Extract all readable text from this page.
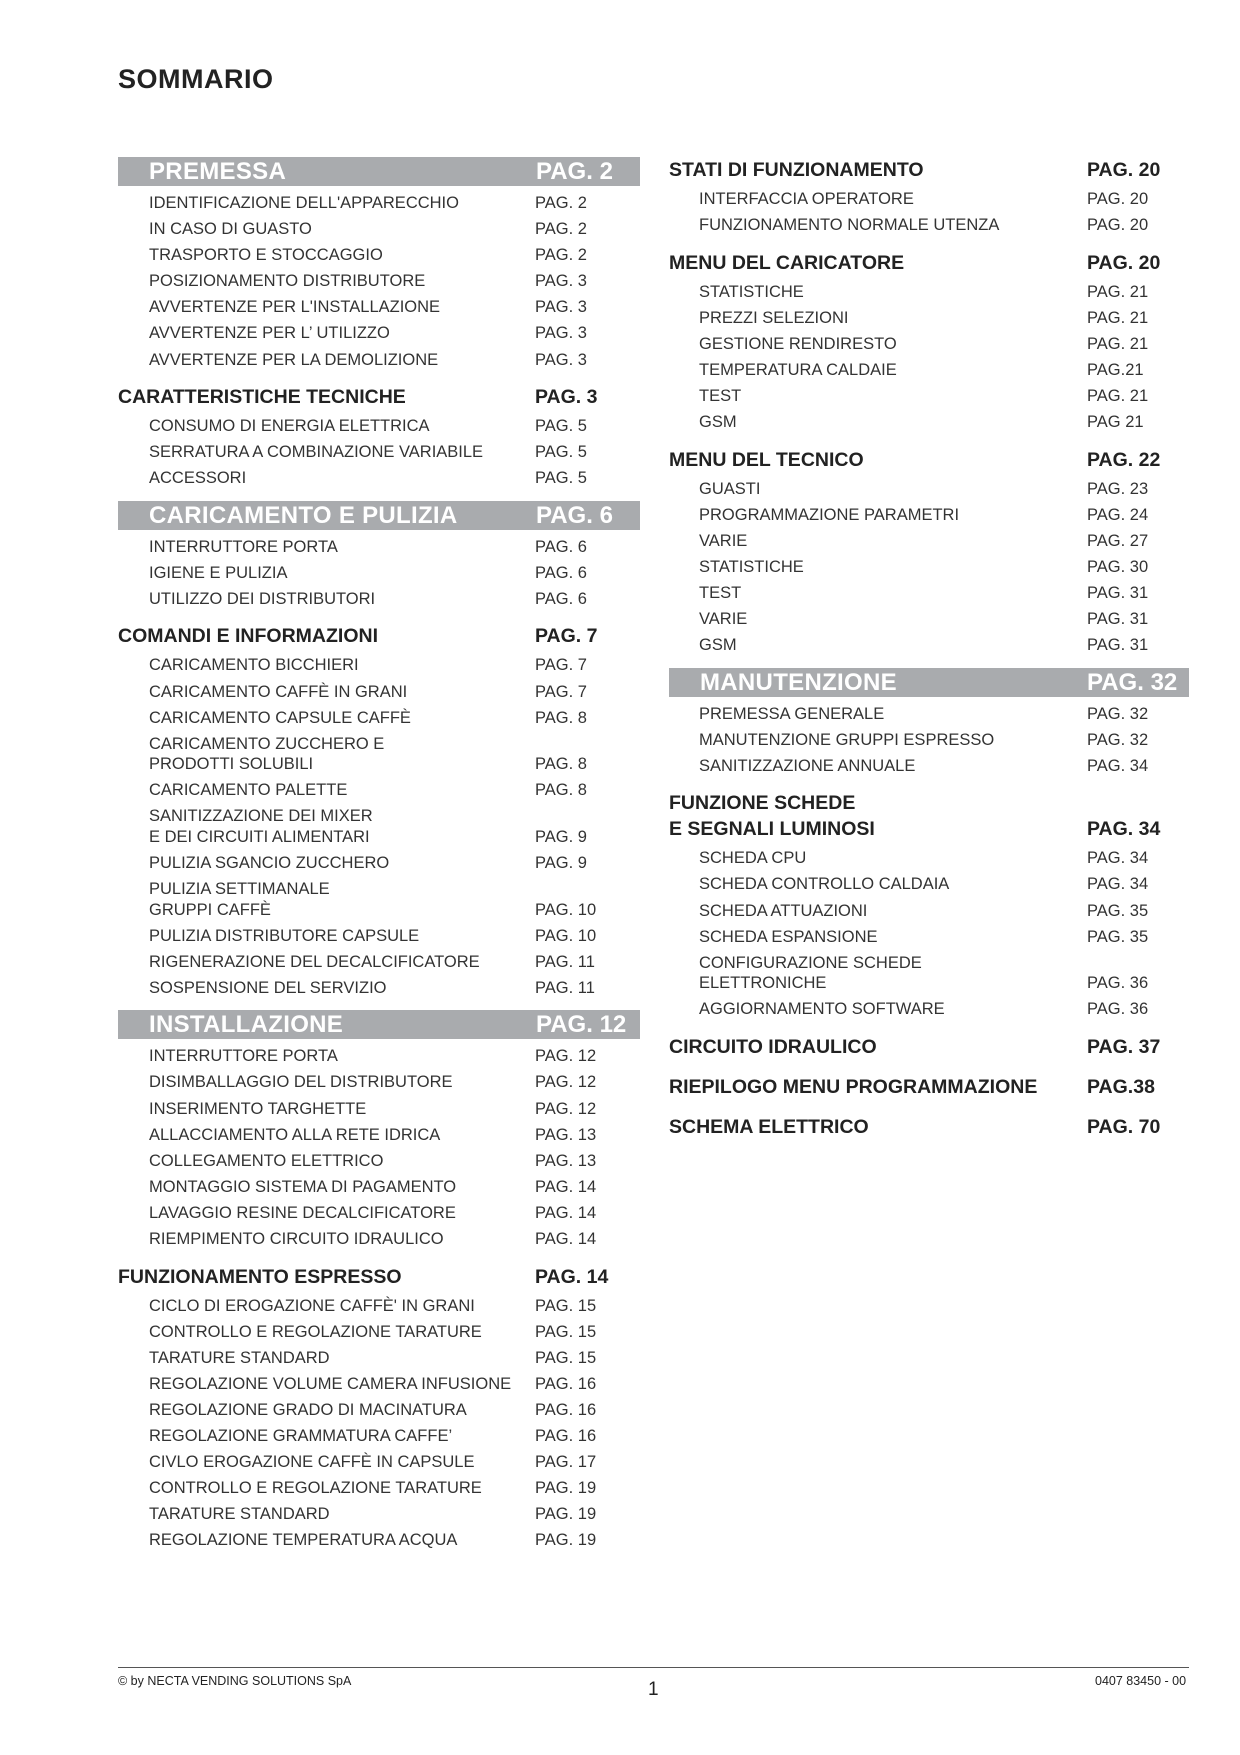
SOMMARIO
PREMESSA	PAG. 2
IDENTIFICAZIONE DELL'APPARECCHIO	PAG. 2
IN CASO DI GUASTO	PAG. 2
TRASPORTO E STOCCAGGIO	PAG. 2
POSIZIONAMENTO DISTRIBUTORE	PAG. 3
AVVERTENZE PER L'INSTALLAZIONE	PAG. 3
AVVERTENZE PER L’ UTILIZZO	PAG. 3
AVVERTENZE PER LA DEMOLIZIONE	PAG. 3
CARATTERISTICHE TECNICHE	PAG. 3
CONSUMO DI ENERGIA ELETTRICA	PAG. 5
SERRATURA A COMBINAZIONE VARIABILE	PAG. 5
ACCESSORI	PAG. 5
CARICAMENTO E PULIZIA	PAG. 6
INTERRUTTORE PORTA	PAG. 6
IGIENE E PULIZIA	PAG. 6
UTILIZZO DEI DISTRIBUTORI	PAG. 6
COMANDI E INFORMAZIONI	PAG. 7
CARICAMENTO BICCHIERI	PAG. 7
CARICAMENTO CAFFÈ IN GRANI	PAG. 7
CARICAMENTO CAPSULE CAFFÈ	PAG. 8
CARICAMENTO ZUCCHERO E
PRODOTTI SOLUBILI	PAG. 8
CARICAMENTO PALETTE	PAG. 8
SANITIZZAZIONE DEI MIXER
E DEI CIRCUITI ALIMENTARI	PAG. 9
PULIZIA SGANCIO ZUCCHERO	PAG. 9
PULIZIA SETTIMANALE
GRUPPI CAFFÈ	PAG. 10
PULIZIA DISTRIBUTORE CAPSULE	PAG. 10
RIGENERAZIONE DEL DECALCIFICATORE	PAG. 11
SOSPENSIONE DEL SERVIZIO	PAG. 11
INSTALLAZIONE	PAG. 12
INTERRUTTORE PORTA	PAG. 12
DISIMBALLAGGIO DEL DISTRIBUTORE	PAG. 12
INSERIMENTO TARGHETTE	PAG. 12
ALLACCIAMENTO ALLA RETE IDRICA	PAG. 13
COLLEGAMENTO ELETTRICO	PAG. 13
MONTAGGIO SISTEMA DI PAGAMENTO	PAG. 14
LAVAGGIO RESINE DECALCIFICATORE	PAG. 14
RIEMPIMENTO CIRCUITO IDRAULICO	PAG. 14
FUNZIONAMENTO ESPRESSO	PAG. 14
CICLO DI EROGAZIONE CAFFÈ' IN GRANI	PAG. 15
CONTROLLO E REGOLAZIONE TARATURE	PAG. 15
TARATURE STANDARD	PAG. 15
REGOLAZIONE VOLUME CAMERA INFUSIONE	PAG. 16
REGOLAZIONE GRADO DI MACINATURA	PAG. 16
REGOLAZIONE GRAMMATURA CAFFE’	PAG. 16
CIVLO EROGAZIONE CAFFÈ IN CAPSULE	PAG. 17
CONTROLLO E REGOLAZIONE TARATURE	PAG. 19
TARATURE STANDARD	PAG. 19
REGOLAZIONE TEMPERATURA ACQUA	PAG. 19
STATI DI FUNZIONAMENTO	PAG. 20
INTERFACCIA OPERATORE	PAG. 20
FUNZIONAMENTO NORMALE UTENZA	PAG. 20
MENU DEL CARICATORE	PAG. 20
STATISTICHE	PAG. 21
PREZZI SELEZIONI	PAG. 21
GESTIONE RENDIRESTO	PAG. 21
TEMPERATURA CALDAIE	PAG.21
TEST	PAG. 21
GSM	PAG 21
MENU DEL TECNICO	PAG. 22
GUASTI	PAG. 23
PROGRAMMAZIONE PARAMETRI	PAG. 24
VARIE	PAG. 27
STATISTICHE	PAG. 30
TEST	PAG. 31
VARIE	PAG. 31
GSM	PAG. 31
MANUTENZIONE	PAG. 32
PREMESSA GENERALE	PAG. 32
MANUTENZIONE GRUPPI ESPRESSO	PAG. 32
SANITIZZAZIONE ANNUALE	PAG. 34
FUNZIONE SCHEDE
E SEGNALI LUMINOSI	PAG. 34
SCHEDA CPU	PAG. 34
SCHEDA CONTROLLO CALDAIA	PAG. 34
SCHEDA ATTUAZIONI	PAG. 35
SCHEDA ESPANSIONE	PAG. 35
CONFIGURAZIONE SCHEDE
ELETTRONICHE	PAG. 36
AGGIORNAMENTO SOFTWARE	PAG. 36
CIRCUITO IDRAULICO	PAG. 37
RIEPILOGO MENU PROGRAMMAZIONE	PAG.38
SCHEMA ELETTRICO	PAG. 70
© by NECTA VENDING SOLUTIONS SpA	1	0407 83450 - 00
